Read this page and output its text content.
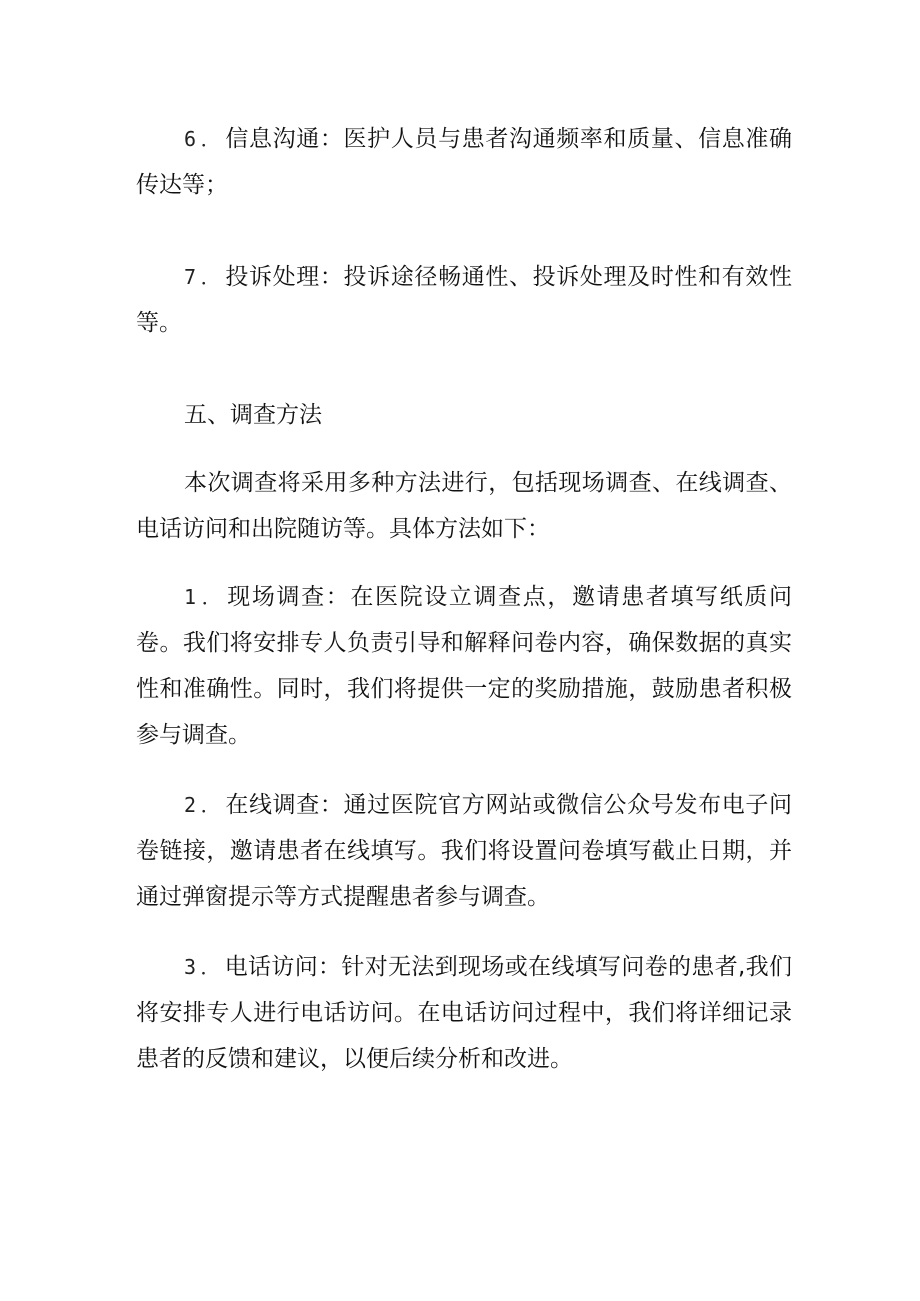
6．信息沟通：医护人员与患者沟通频率和质量、信息准确传达等；

7．投诉处理：投诉途径畅通性、投诉处理及时性和有效性等。

五、调查方法

本次调查将采用多种方法进行，包括现场调查、在线调查、电话访问和出院随访等。具体方法如下：

1．现场调查：在医院设立调查点，邀请患者填写纸质问卷。我们将安排专人负责引导和解释问卷内容，确保数据的真实性和准确性。同时，我们将提供一定的奖励措施，鼓励患者积极参与调查。

2．在线调查：通过医院官方网站或微信公众号发布电子问卷链接，邀请患者在线填写。我们将设置问卷填写截止日期，并通过弹窗提示等方式提醒患者参与调查。

3．电话访问：针对无法到现场或在线填写问卷的患者,我们将安排专人进行电话访问。在电话访问过程中，我们将详细记录患者的反馈和建议，以便后续分析和改进。
